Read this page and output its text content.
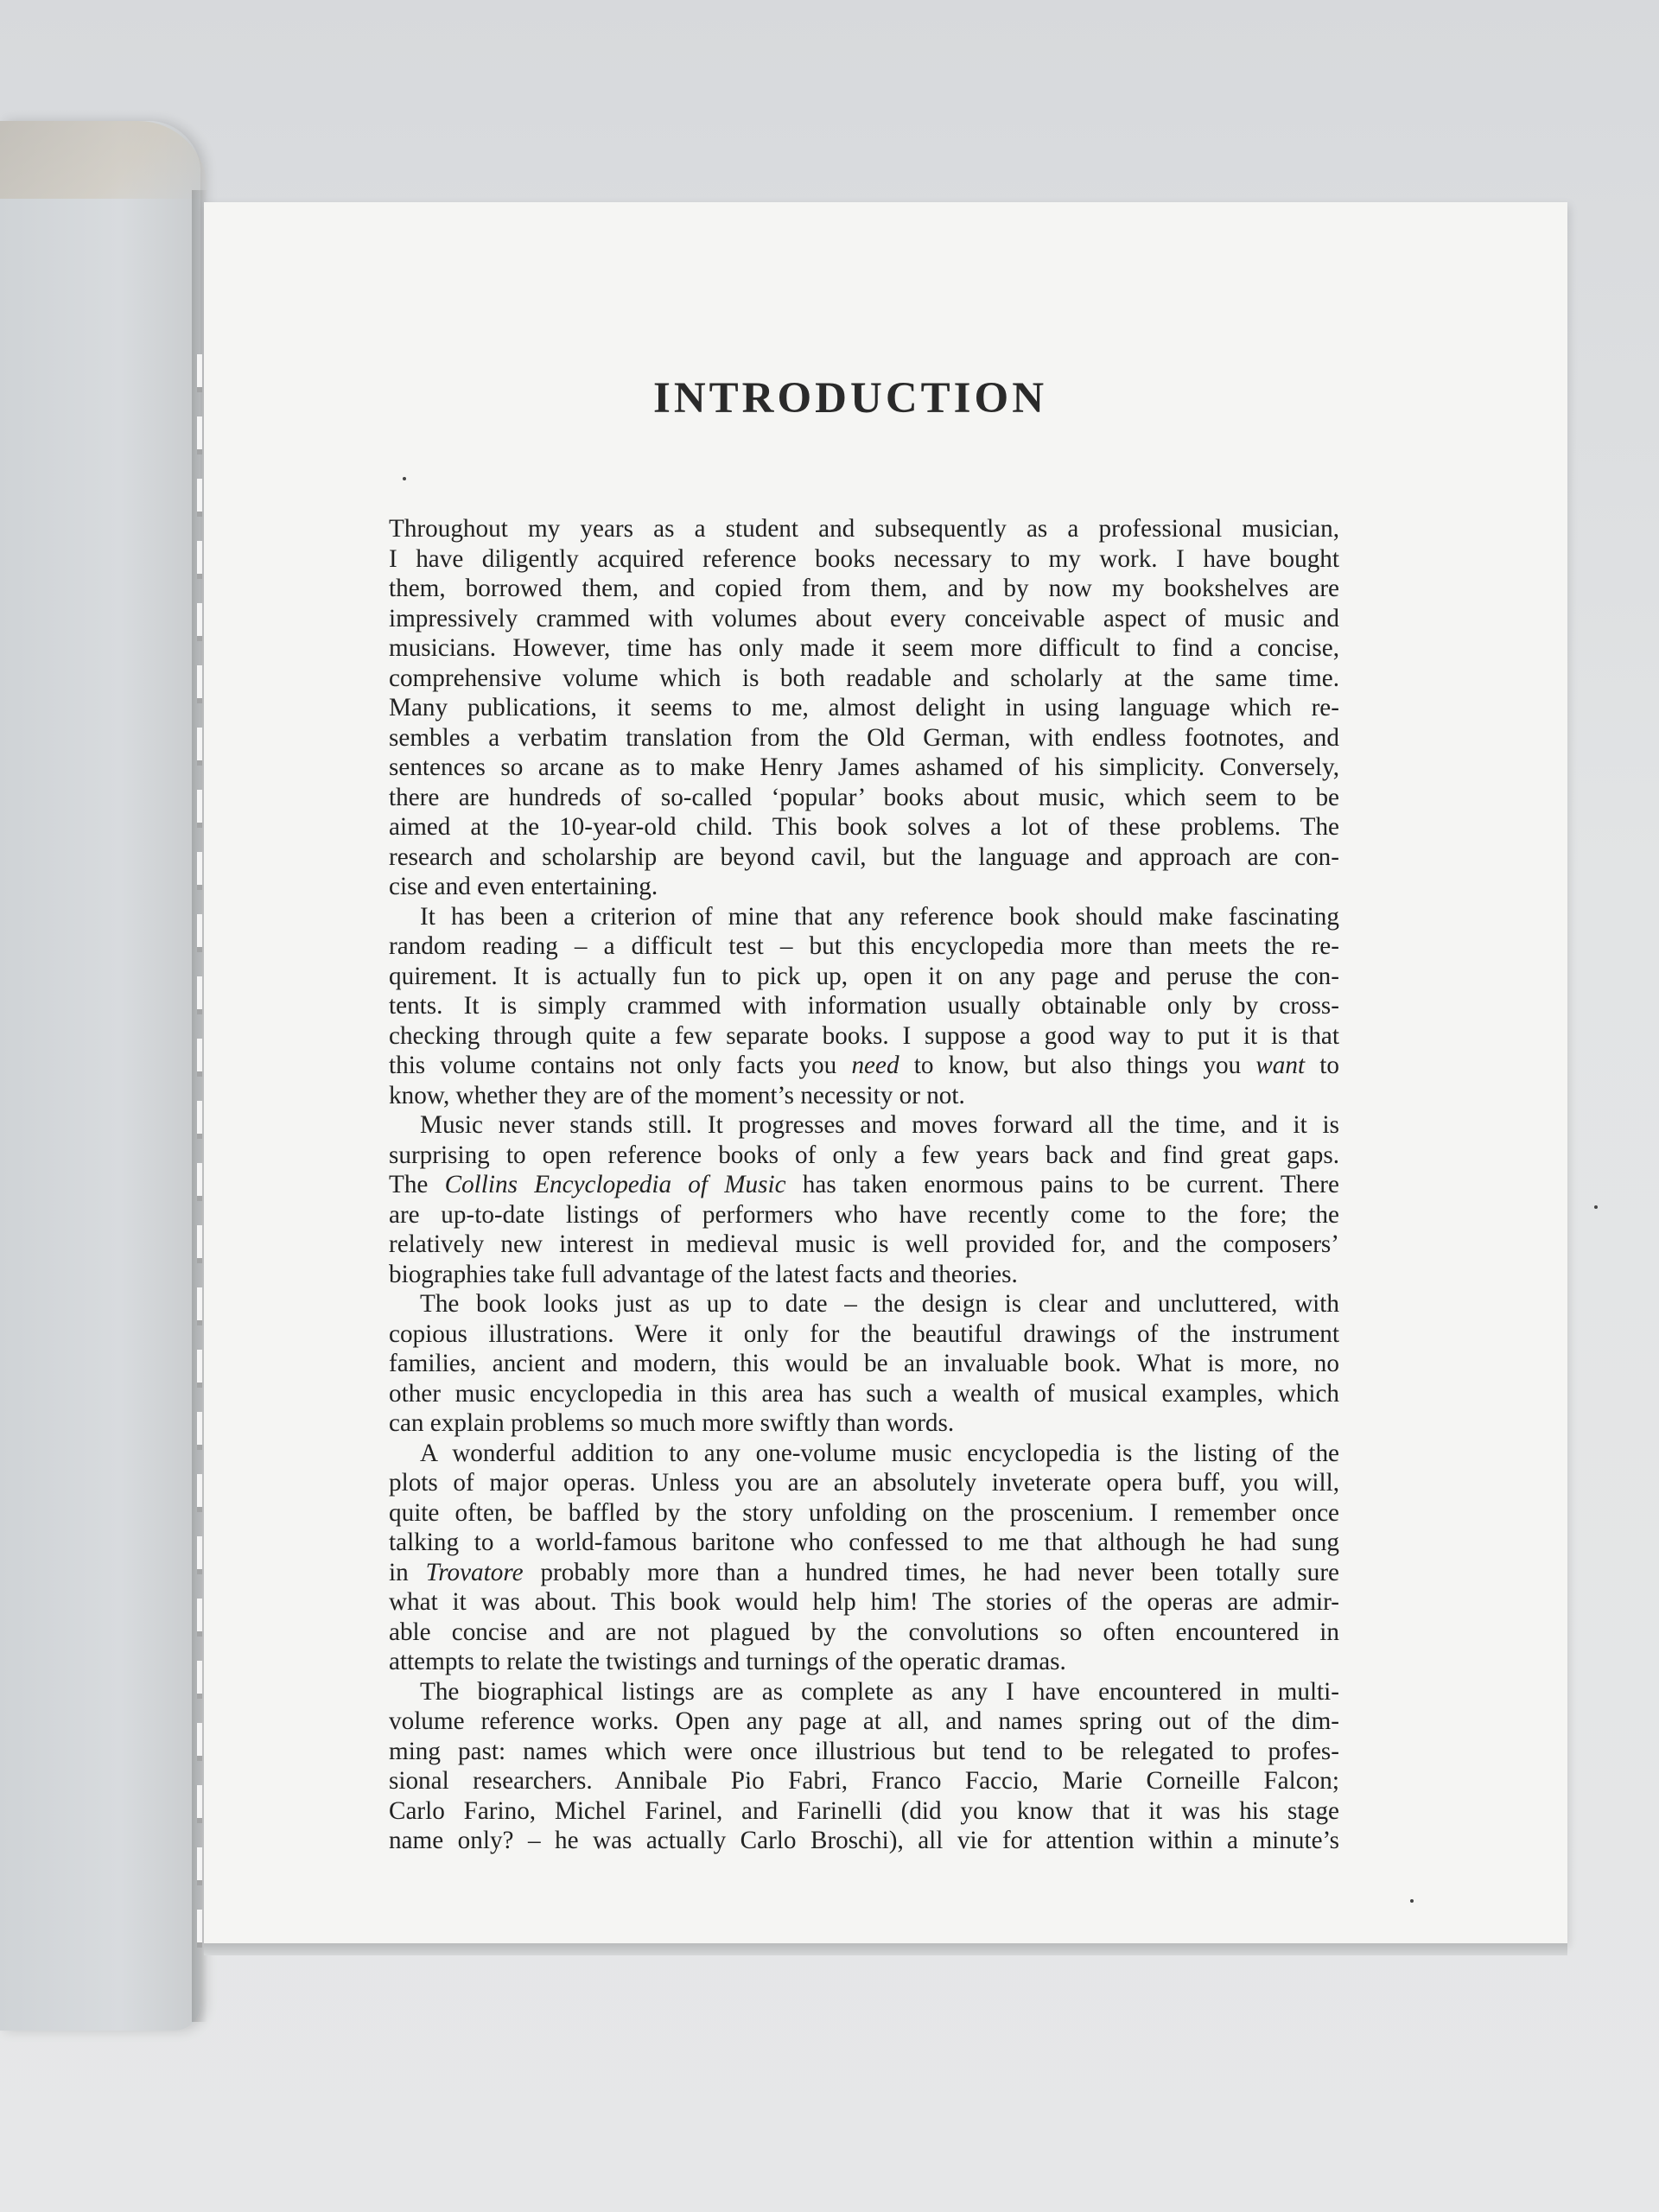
INTRODUCTION
Throughout my years as a student and subsequently as a professional musician,
I have diligently acquired reference books necessary to my work. I have bought
them, borrowed them, and copied from them, and by now my bookshelves are
impressively crammed with volumes about every conceivable aspect of music and
musicians. However, time has only made it seem more difficult to find a concise,
comprehensive volume which is both readable and scholarly at the same time.
Many publications, it seems to me, almost delight in using language which re-
sembles a verbatim translation from the Old German, with endless footnotes, and
sentences so arcane as to make Henry James ashamed of his simplicity. Conversely,
there are hundreds of so-called ‘popular’ books about music, which seem to be
aimed at the 10-year-old child. This book solves a lot of these problems. The
research and scholarship are beyond cavil, but the language and approach are con-
cise and even entertaining.
It has been a criterion of mine that any reference book should make fascinating
random reading – a difficult test – but this encyclopedia more than meets the re-
quirement. It is actually fun to pick up, open it on any page and peruse the con-
tents. It is simply crammed with information usually obtainable only by cross-
checking through quite a few separate books. I suppose a good way to put it is that
this volume contains not only facts you need to know, but also things you want to
know, whether they are of the moment’s necessity or not.
Music never stands still. It progresses and moves forward all the time, and it is
surprising to open reference books of only a few years back and find great gaps.
The Collins Encyclopedia of Music has taken enormous pains to be current. There
are up-to-date listings of performers who have recently come to the fore; the
relatively new interest in medieval music is well provided for, and the composers’
biographies take full advantage of the latest facts and theories.
The book looks just as up to date – the design is clear and uncluttered, with
copious illustrations. Were it only for the beautiful drawings of the instrument
families, ancient and modern, this would be an invaluable book. What is more, no
other music encyclopedia in this area has such a wealth of musical examples, which
can explain problems so much more swiftly than words.
A wonderful addition to any one-volume music encyclopedia is the listing of the
plots of major operas. Unless you are an absolutely inveterate opera buff, you will,
quite often, be baffled by the story unfolding on the proscenium. I remember once
talking to a world-famous baritone who confessed to me that although he had sung
in Trovatore probably more than a hundred times, he had never been totally sure
what it was about. This book would help him! The stories of the operas are admir-
able concise and are not plagued by the convolutions so often encountered in
attempts to relate the twistings and turnings of the operatic dramas.
The biographical listings are as complete as any I have encountered in multi-
volume reference works. Open any page at all, and names spring out of the dim-
ming past: names which were once illustrious but tend to be relegated to profes-
sional researchers. Annibale Pio Fabri, Franco Faccio, Marie Corneille Falcon;
Carlo Farino, Michel Farinel, and Farinelli (did you know that it was his stage
name only? – he was actually Carlo Broschi), all vie for attention within a minute’s
